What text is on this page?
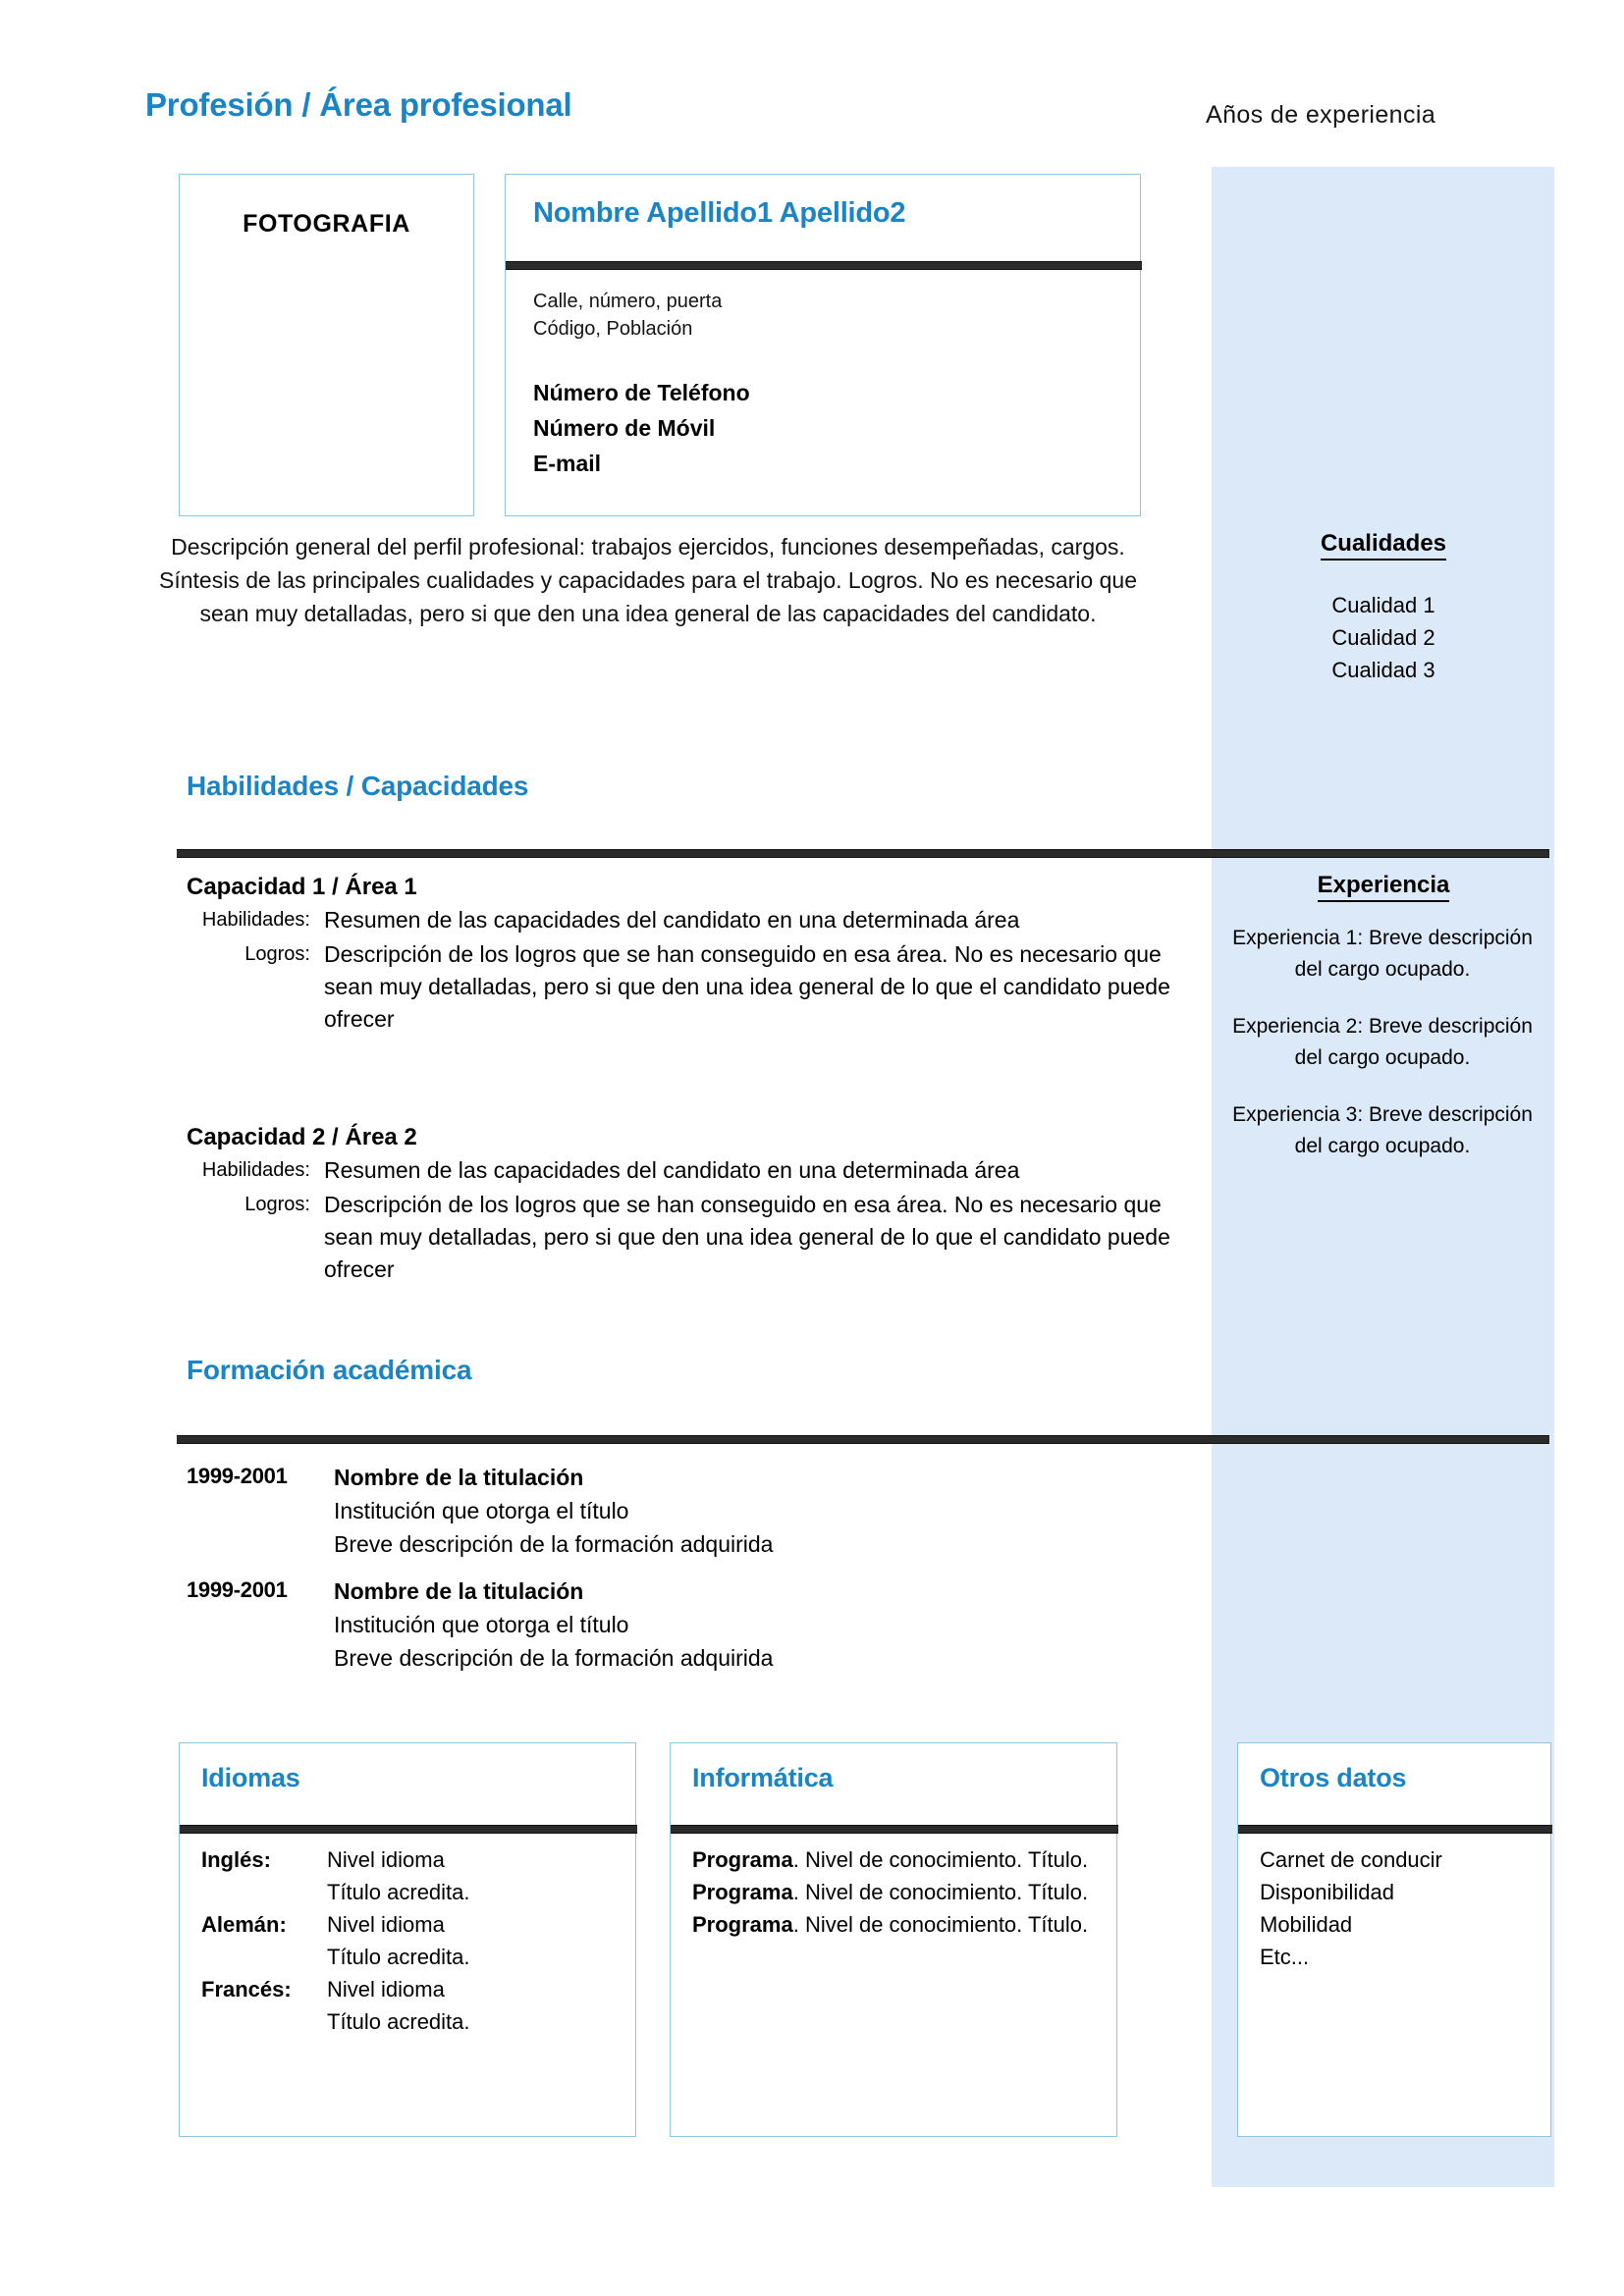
Profesión / Área profesional	Años de experiencia
FOTOGRAFIA	Nombre Apellido1 Apellido2
Calle, número, puerta
Código, Población
Número de Teléfono
Número de Móvil
E-mail
Descripción general del perfil profesional: trabajos ejercidos, funciones desempeñadas, cargos. Síntesis de las principales cualidades y capacidades para el trabajo. Logros. No es necesario que sean muy detalladas, pero si que den una idea general de las capacidades del candidato.
Cualidades
Cualidad 1
Cualidad 2
Cualidad 3
Habilidades / Capacidades
Capacidad 1 / Área 1
Habilidades: Resumen de las capacidades del candidato en una determinada área
Logros: Descripción de los logros que se han conseguido en esa área. No es necesario que sean muy detalladas, pero si que den una idea general de lo que el candidato puede ofrecer
Capacidad 2 / Área 2
Habilidades: Resumen de las capacidades del candidato en una determinada área
Logros: Descripción de los logros que se han conseguido en esa área. No es necesario que sean muy detalladas, pero si que den una idea general de lo que el candidato puede ofrecer
Experiencia
Experiencia 1: Breve descripción del cargo ocupado.
Experiencia 2: Breve descripción del cargo ocupado.
Experiencia 3: Breve descripción del cargo ocupado.
Formación académica
1999-2001	Nombre de la titulación
Institución que otorga el título
Breve descripción de la formación adquirida
1999-2001	Nombre de la titulación
Institución que otorga el título
Breve descripción de la formación adquirida
Idiomas
Inglés:	Nivel idioma
Título acredita.
Alemán:	Nivel idioma
Título acredita.
Francés:	Nivel idioma
Título acredita.
Informática
Programa. Nivel de conocimiento. Título.
Programa. Nivel de conocimiento. Título.
Programa. Nivel de conocimiento. Título.
Otros datos
Carnet de conducir
Disponibilidad
Mobilidad
Etc...
